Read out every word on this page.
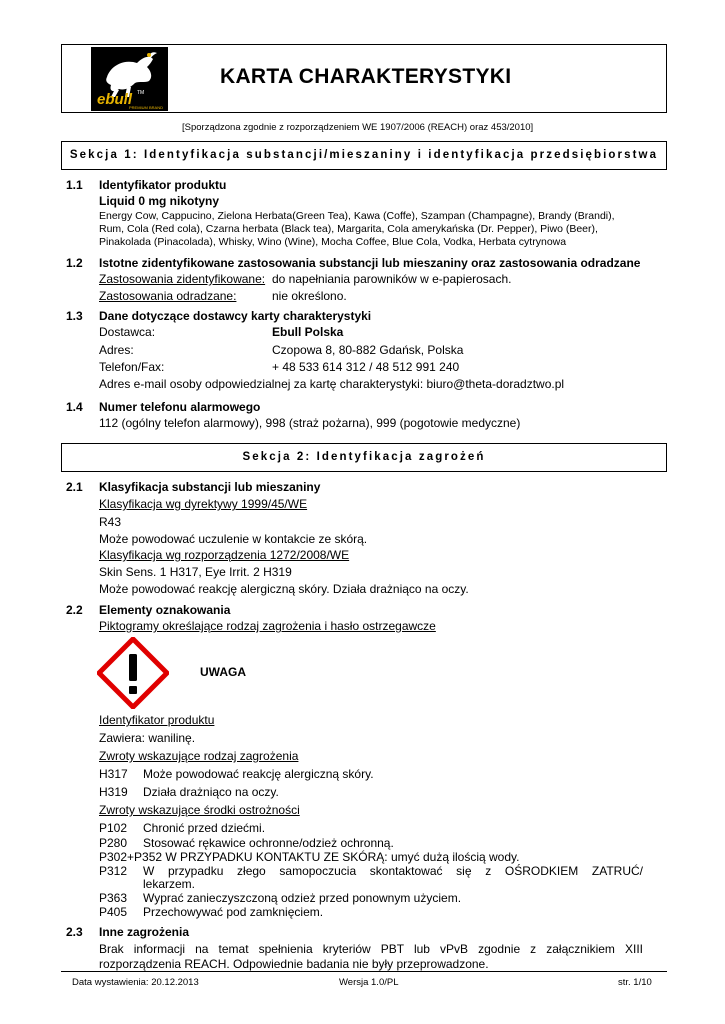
ebull TM
PREMIUM BRAND
KARTA CHARAKTERYSTYKI
[Sporządzona zgodnie z rozporządzeniem WE 1907/2006 (REACH) oraz 453/2010]
Sekcja 1: Identyfikacja substancji/mieszaniny i identyfikacja przedsiębiorstwa
1.1 Identyfikator produktu
Liquid 0 mg nikotyny
Energy Cow, Cappucino, Zielona Herbata(Green Tea), Kawa (Coffe), Szampan (Champagne), Brandy (Brandi),
Rum, Cola (Red cola), Czarna herbata (Black tea), Margarita, Cola amerykańska (Dr. Pepper), Piwo (Beer),
Pinakolada (Pinacolada), Whisky, Wino (Wine), Mocha Coffee, Blue Cola, Vodka, Herbata cytrynowa
1.2 Istotne zidentyfikowane zastosowania substancji lub mieszaniny oraz zastosowania odradzane
Zastosowania zidentyfikowane: do napełniania parowników w e-papierosach.
Zastosowania odradzane:	nie określono.
1.3 Dane dotyczące dostawcy karty charakterystyki
Dostawca:	Ebull Polska
Adres:	Czopowa 8, 80-882 Gdańsk, Polska
Telefon/Fax:	+ 48 533 614 312 / 48 512 991 240
Adres e-mail osoby odpowiedzialnej za kartę charakterystyki: biuro@theta-doradztwo.pl
1.4 Numer telefonu alarmowego
112 (ogólny telefon alarmowy), 998 (straż pożarna), 999 (pogotowie medyczne)
Sekcja 2: Identyfikacja zagrożeń
2.1 Klasyfikacja substancji lub mieszaniny
Klasyfikacja wg dyrektywy 1999/45/WE
R43
Może powodować uczulenie w kontakcie ze skórą.
Klasyfikacja wg rozporządzenia 1272/2008/WE
Skin Sens. 1 H317, Eye Irrit. 2 H319
Może powodować reakcję alergiczną skóry. Działa drażniąco na oczy.
2.2 Elementy oznakowania
Piktogramy określające rodzaj zagrożenia i hasło ostrzegawcze
UWAGA
Identyfikator produktu
Zawiera: wanilinę.
Zwroty wskazujące rodzaj zagrożenia
H317 Może powodować reakcję alergiczną skóry.
H319 Działa drażniąco na oczy.
Zwroty wskazujące środki ostrożności
P102 Chronić przed dziećmi.
P280 Stosować rękawice ochronne/odzież ochronną.
P302+P352 W PRZYPADKU KONTAKTU ZE SKÓRĄ: umyć dużą ilością wody.
P312 W przypadku złego samopoczucia skontaktować się z OŚRODKIEM ZATRUĆ/
lekarzem.
P363 Wyprać zanieczyszczoną odzież przed ponownym użyciem.
P405 Przechowywać pod zamknięciem.
2.3 Inne zagrożenia
Brak informacji na temat spełnienia kryteriów PBT lub vPvB zgodnie z załącznikiem XIII
rozporządzenia REACH. Odpowiednie badania nie były przeprowadzone.
Data wystawienia: 20.12.2013	Wersja 1.0/PL	str. 1/10
